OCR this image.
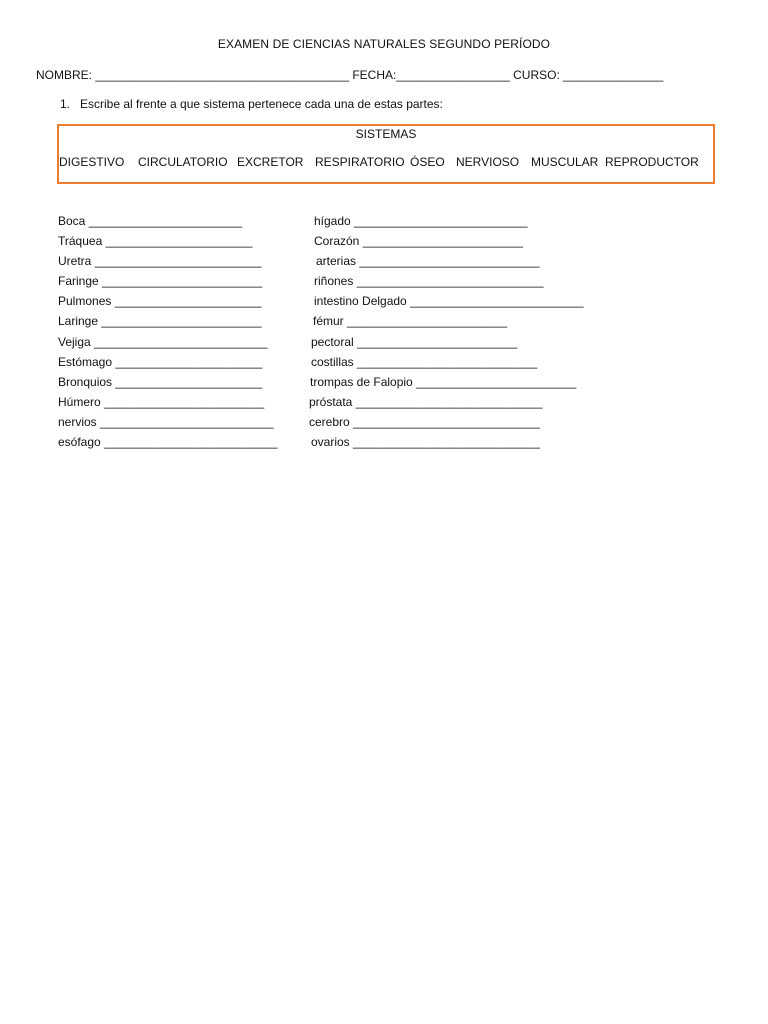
EXAMEN DE CIENCIAS NATURALES SEGUNDO PERÍODO
NOMBRE: ______________________________________ FECHA:_________________ CURSO: _______________
1. Escribe al frente a que sistema pertenece cada una de estas partes:
SISTEMAS
DIGESTIVO CIRCULATORIO EXCRETOR RESPIRATORIO ÓSEO NERVIOSO MUSCULAR REPRODUCTOR
Boca _______________________
Tráquea ______________________
Uretra _________________________
Faringe ________________________
Pulmones ______________________
Laringe ________________________
Vejiga __________________________
Estómago ______________________
Bronquios ______________________
Húmero ________________________
nervios __________________________
esófago __________________________
hígado __________________________
Corazón ________________________
arterias ___________________________
riñones ____________________________
intestino Delgado __________________________
fémur ________________________
pectoral ________________________
costillas ___________________________
trompas de Falopio ________________________
próstata ____________________________
cerebro ____________________________
ovarios ____________________________
